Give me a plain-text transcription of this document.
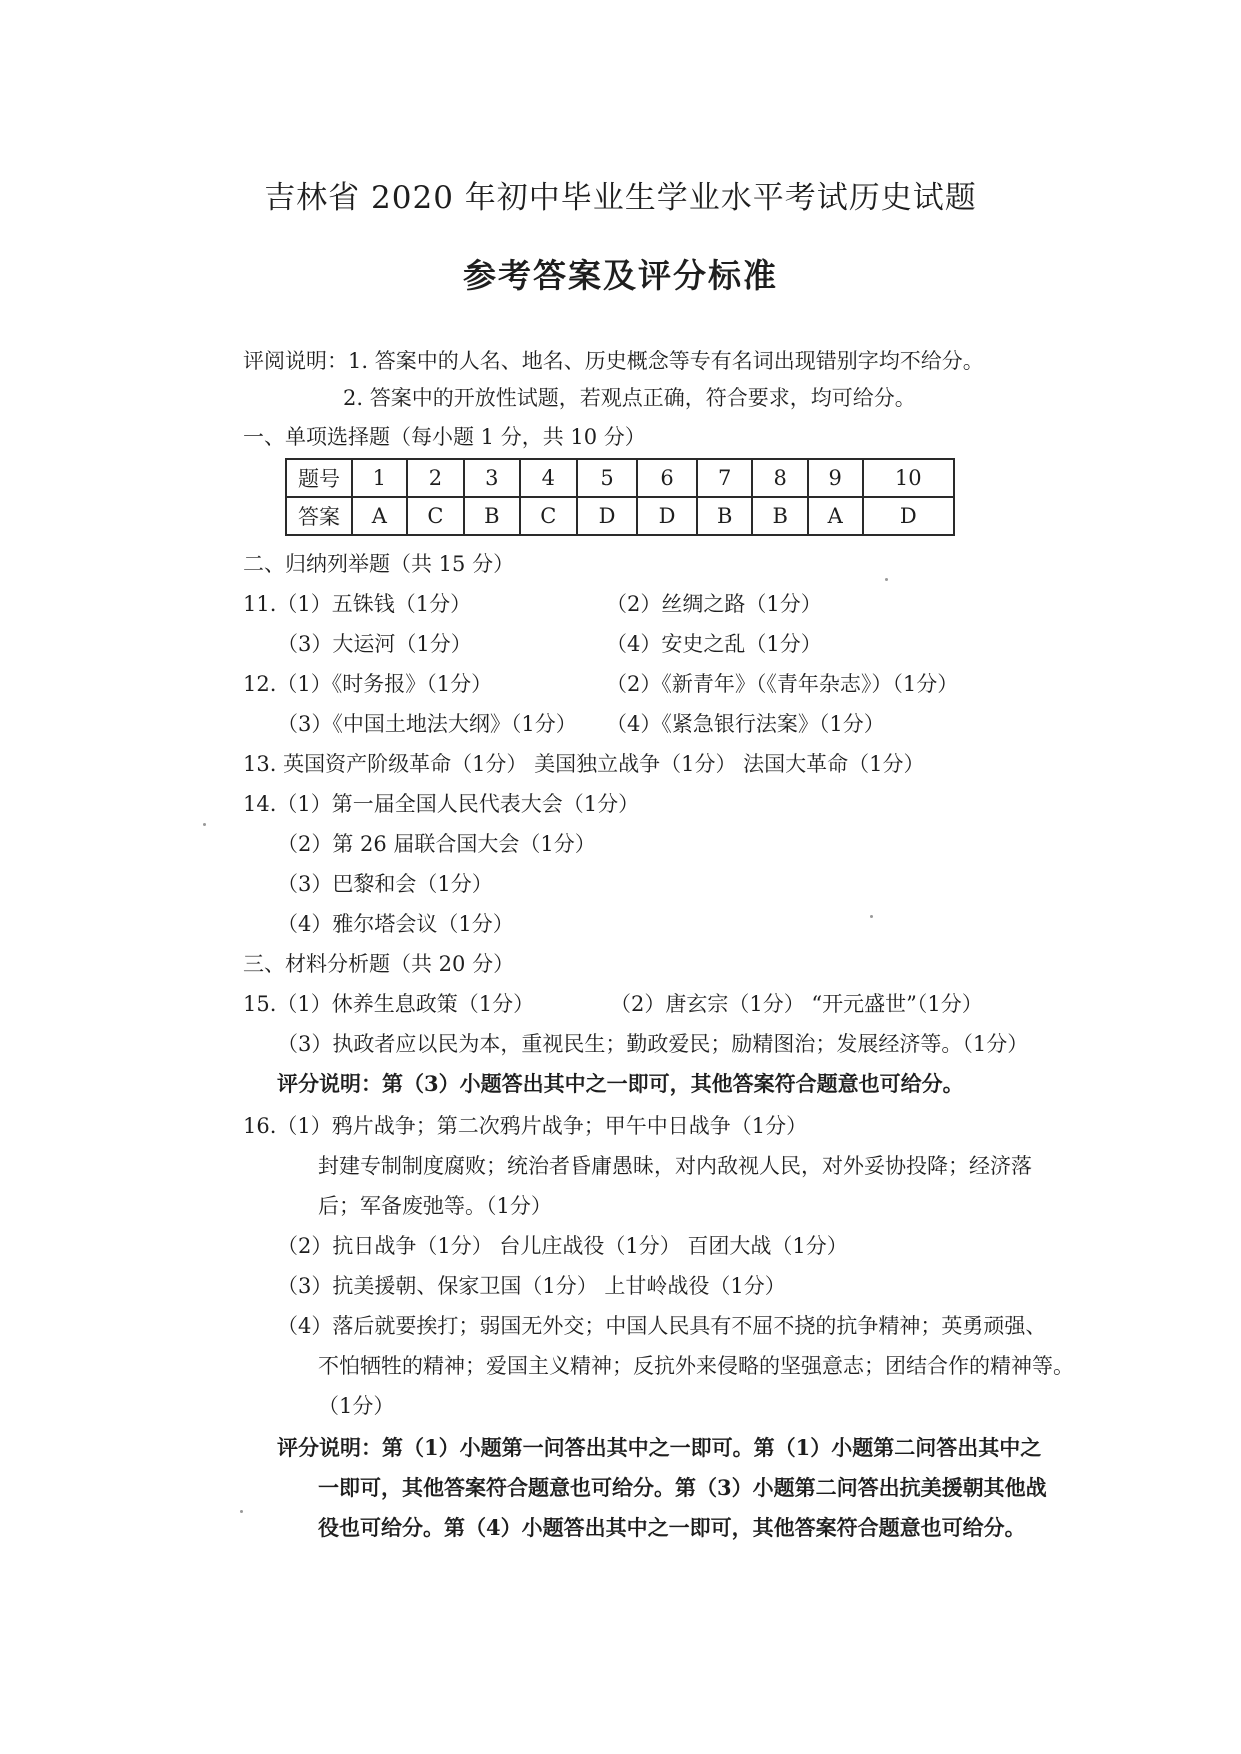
吉林省 2020 年初中毕业生学业水平考试历史试题
参考答案及评分标准
评阅说明：1. 答案中的人名、地名、历史概念等专有名词出现错别字均不给分。
2. 答案中的开放性试题，若观点正确，符合要求，均可给分。
一、单项选择题（每小题 1 分，共 10 分）
题号	1	2	3	4	5	6	7	8	9	10
答案	A	C	B	C	D	D	B	B	A	D
二、归纳列举题（共 15 分）
11.（1）五铢钱（1分）	（2）丝绸之路（1分）
（3）大运河（1分）	（4）安史之乱（1分）
12.（1）《时务报》（1分）	（2）《新青年》（《青年杂志》）（1分）
（3）《中国土地法大纲》（1分） （4）《紧急银行法案》（1分）
13. 英国资产阶级革命（1分） 美国独立战争（1分） 法国大革命（1分）
14.（1）第一届全国人民代表大会（1分）
（2）第 26 届联合国大会（1分）
（3）巴黎和会（1分）
（4）雅尔塔会议（1分）
三、材料分析题（共 20 分）
15.（1）休养生息政策（1分）	（2）唐玄宗（1分） “开元盛世”（1分）
（3）执政者应以民为本，重视民生；勤政爱民；励精图治；发展经济等。（1分）
评分说明：第（3）小题答出其中之一即可，其他答案符合题意也可给分。
16.（1）鸦片战争；第二次鸦片战争；甲午中日战争（1分）
封建专制制度腐败；统治者昏庸愚昧，对内敌视人民，对外妥协投降；经济落
后；军备废弛等。（1分）
（2）抗日战争（1分） 台儿庄战役（1分） 百团大战（1分）
（3）抗美援朝、保家卫国（1分） 上甘岭战役（1分）
（4）落后就要挨打；弱国无外交；中国人民具有不屈不挠的抗争精神；英勇顽强、
不怕牺牲的精神；爱国主义精神；反抗外来侵略的坚强意志；团结合作的精神等。
（1分）
评分说明：第（1）小题第一问答出其中之一即可。第（1）小题第二问答出其中之
一即可，其他答案符合题意也可给分。第（3）小题第二问答出抗美援朝其他战
役也可给分。第（4）小题答出其中之一即可，其他答案符合题意也可给分。
